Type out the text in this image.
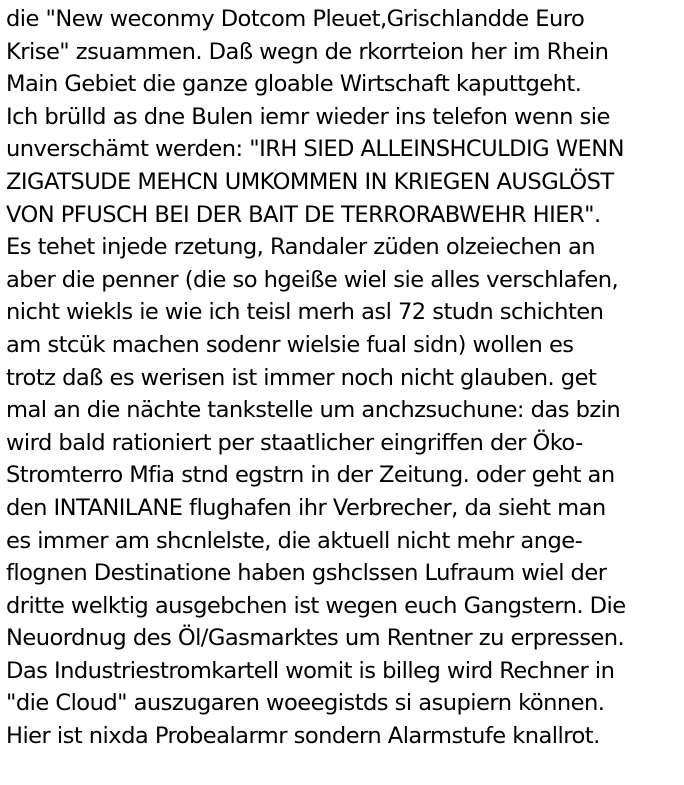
die "New weconmy Dotcom Pleuet,Grischlandde Euro
Krise" zsuammen. Daß wegn de rkorrteion her im Rhein
Main Gebiet die ganze gloable Wirtschaft kaputtgeht.
Ich brülld as dne Bulen iemr wieder ins telefon wenn sie
unverschämt werden: "IRH SIED ALLEINSHCULDIG WENN
ZIGATSUDE MEHCN UMKOMMEN IN KRIEGEN AUSGLÖST
VON PFUSCH BEI DER BAIT DE TERRORABWEHR HIER".
Es tehet injede rzetung, Randaler züden olzeiechen an
aber die penner (die so hgeiße wiel sie alles verschlafen,
nicht wiekls ie wie ich teisl merh asl 72 studn schichten
am stcük machen sodenr wielsie fual sidn) wollen es
trotz daß es werisen ist immer noch nicht glauben. get
mal an die nächte tankstelle um anchzsuchune: das bzin
wird bald rationiert per staatlicher eingriffen der Öko-
Stromterro Mfia stnd egstrn in der Zeitung. oder geht an
den INTANILANE flughafen ihr Verbrecher, da sieht man
es immer am shcnlelste, die aktuell nicht mehr ange-
flognen Destinatione haben gshclssen Lufraum wiel der
dritte welktig ausgebchen ist wegen euch Gangstern. Die
Neuordnug des Öl/Gasmarktes um Rentner zu erpressen.
Das Industriestromkartell womit is billeg wird Rechner in
"die Cloud" auszugaren woeegistds si asupiern können.
Hier ist nixda Probealarmr sondern Alarmstufe knallrot.
